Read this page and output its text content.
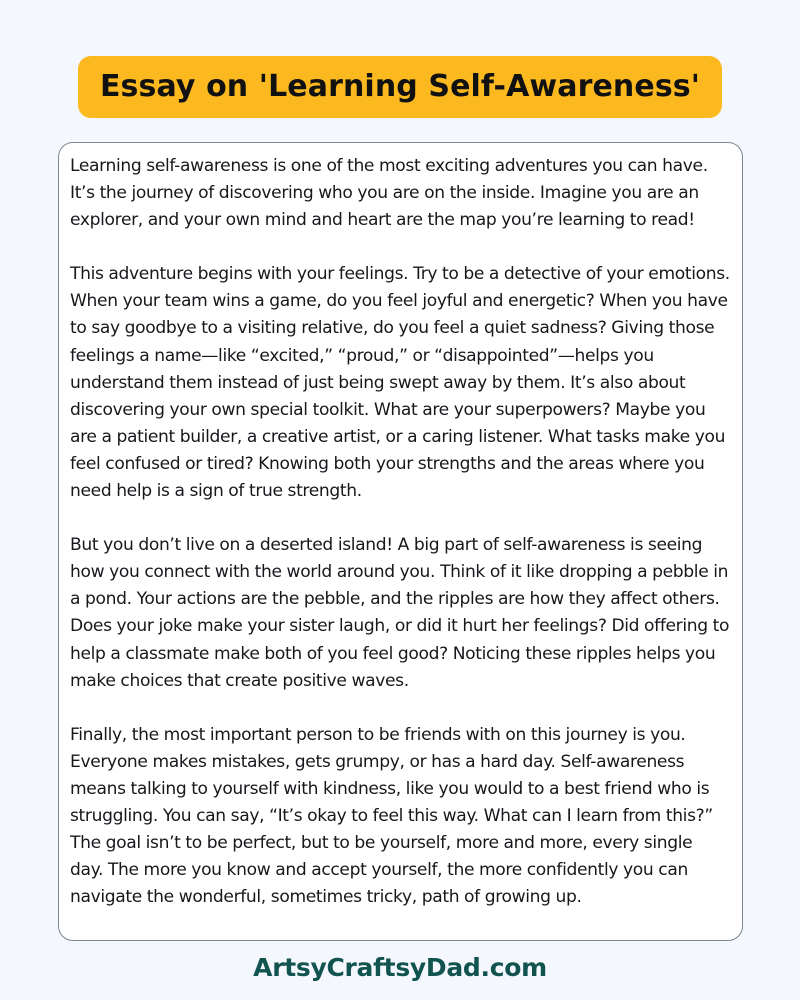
Essay on 'Learning Self-Awareness'

Learning self-awareness is one of the most exciting adventures you can have. It’s the journey of discovering who you are on the inside. Imagine you are an explorer, and your own mind and heart are the map you’re learning to read!

This adventure begins with your feelings. Try to be a detective of your emotions. When your team wins a game, do you feel joyful and energetic? When you have to say goodbye to a visiting relative, do you feel a quiet sadness? Giving those feelings a name—like “excited,” “proud,” or “disappointed”—helps you understand them instead of just being swept away by them. It’s also about discovering your own special toolkit. What are your superpowers? Maybe you are a patient builder, a creative artist, or a caring listener. What tasks make you feel confused or tired? Knowing both your strengths and the areas where you need help is a sign of true strength.

But you don’t live on a deserted island! A big part of self-awareness is seeing how you connect with the world around you. Think of it like dropping a pebble in a pond. Your actions are the pebble, and the ripples are how they affect others. Does your joke make your sister laugh, or did it hurt her feelings? Did offering to help a classmate make both of you feel good? Noticing these ripples helps you make choices that create positive waves.

Finally, the most important person to be friends with on this journey is you. Everyone makes mistakes, gets grumpy, or has a hard day. Self-awareness means talking to yourself with kindness, like you would to a best friend who is struggling. You can say, “It’s okay to feel this way. What can I learn from this?” The goal isn’t to be perfect, but to be yourself, more and more, every single day. The more you know and accept yourself, the more confidently you can navigate the wonderful, sometimes tricky, path of growing up.

ArtsyCraftsyDad.com
